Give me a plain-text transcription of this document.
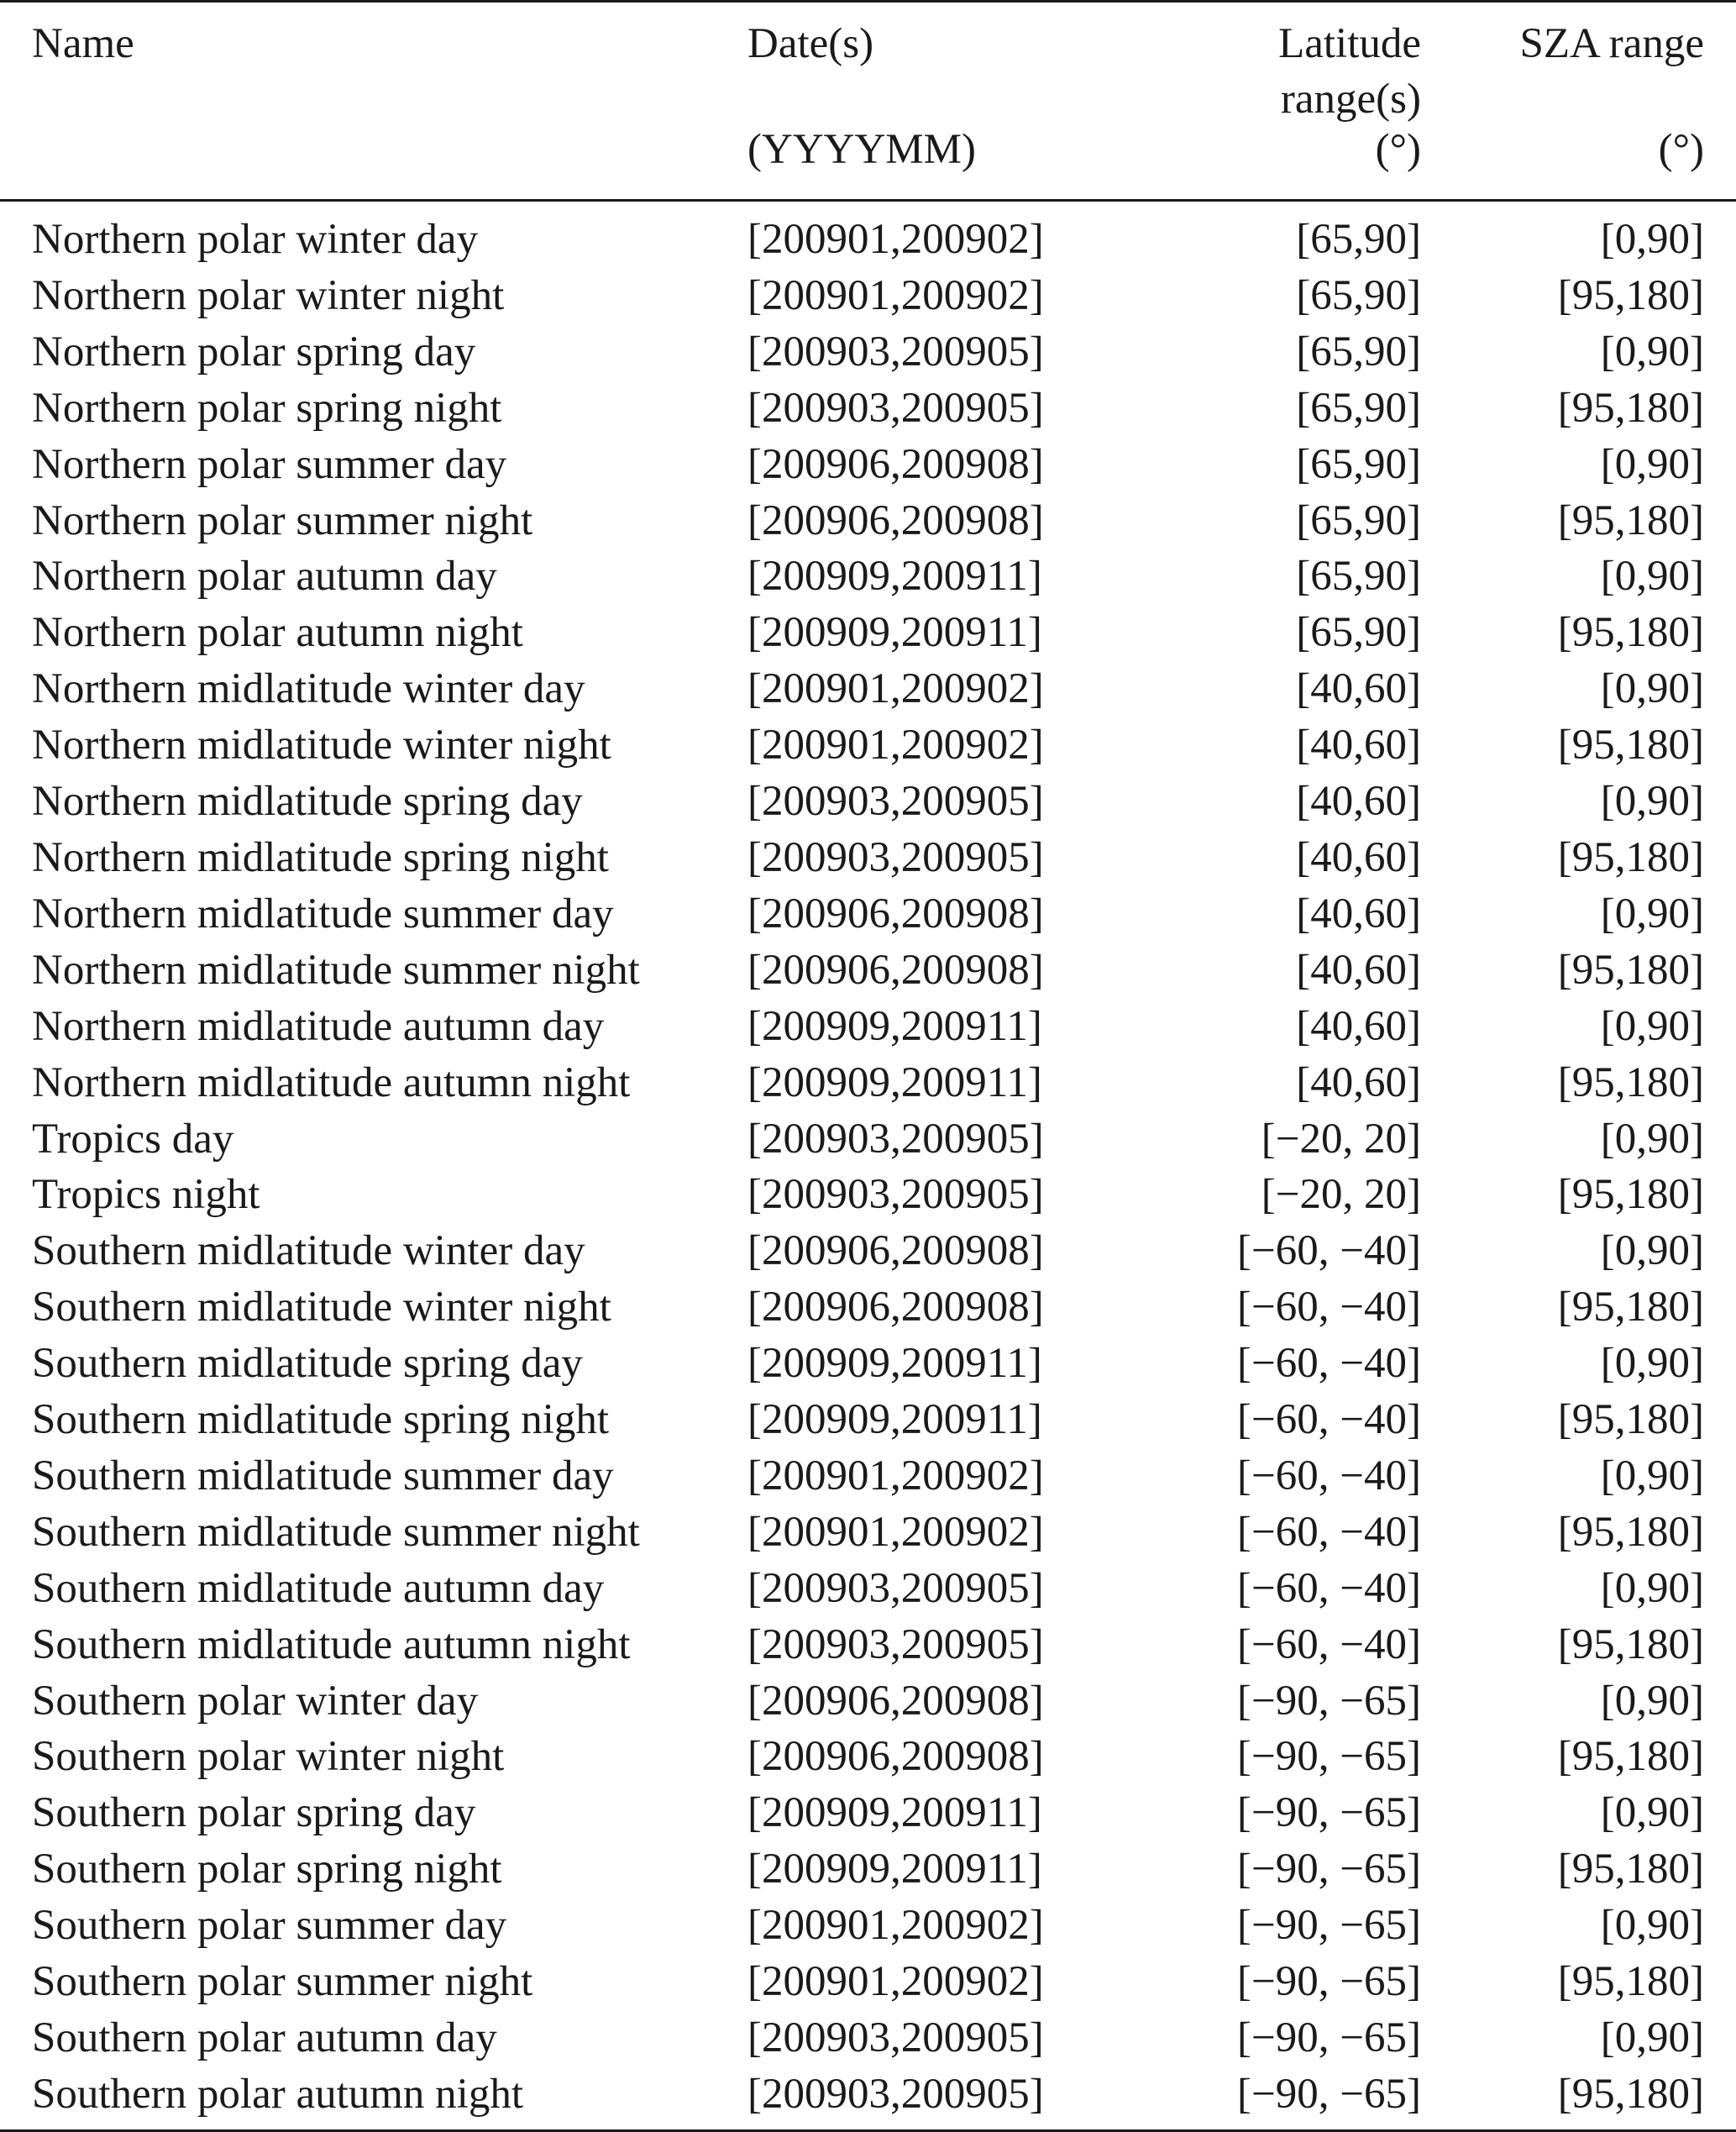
Name	Date(s)	Latitude range(s)	SZA range
	(YYYYMM)	(°)	(°)
Northern polar winter day	[200901,200902]	[65,90]	[0,90]
Northern polar winter night	[200901,200902]	[65,90]	[95,180]
Northern polar spring day	[200903,200905]	[65,90]	[0,90]
Northern polar spring night	[200903,200905]	[65,90]	[95,180]
Northern polar summer day	[200906,200908]	[65,90]	[0,90]
Northern polar summer night	[200906,200908]	[65,90]	[95,180]
Northern polar autumn day	[200909,200911]	[65,90]	[0,90]
Northern polar autumn night	[200909,200911]	[65,90]	[95,180]
Northern midlatitude winter day	[200901,200902]	[40,60]	[0,90]
Northern midlatitude winter night	[200901,200902]	[40,60]	[95,180]
Northern midlatitude spring day	[200903,200905]	[40,60]	[0,90]
Northern midlatitude spring night	[200903,200905]	[40,60]	[95,180]
Northern midlatitude summer day	[200906,200908]	[40,60]	[0,90]
Northern midlatitude summer night	[200906,200908]	[40,60]	[95,180]
Northern midlatitude autumn day	[200909,200911]	[40,60]	[0,90]
Northern midlatitude autumn night	[200909,200911]	[40,60]	[95,180]
Tropics day	[200903,200905]	[−20, 20]	[0,90]
Tropics night	[200903,200905]	[−20, 20]	[95,180]
Southern midlatitude winter day	[200906,200908]	[−60, −40]	[0,90]
Southern midlatitude winter night	[200906,200908]	[−60, −40]	[95,180]
Southern midlatitude spring day	[200909,200911]	[−60, −40]	[0,90]
Southern midlatitude spring night	[200909,200911]	[−60, −40]	[95,180]
Southern midlatitude summer day	[200901,200902]	[−60, −40]	[0,90]
Southern midlatitude summer night	[200901,200902]	[−60, −40]	[95,180]
Southern midlatitude autumn day	[200903,200905]	[−60, −40]	[0,90]
Southern midlatitude autumn night	[200903,200905]	[−60, −40]	[95,180]
Southern polar winter day	[200906,200908]	[−90, −65]	[0,90]
Southern polar winter night	[200906,200908]	[−90, −65]	[95,180]
Southern polar spring day	[200909,200911]	[−90, −65]	[0,90]
Southern polar spring night	[200909,200911]	[−90, −65]	[95,180]
Southern polar summer day	[200901,200902]	[−90, −65]	[0,90]
Southern polar summer night	[200901,200902]	[−90, −65]	[95,180]
Southern polar autumn day	[200903,200905]	[−90, −65]	[0,90]
Southern polar autumn night	[200903,200905]	[−90, −65]	[95,180]
